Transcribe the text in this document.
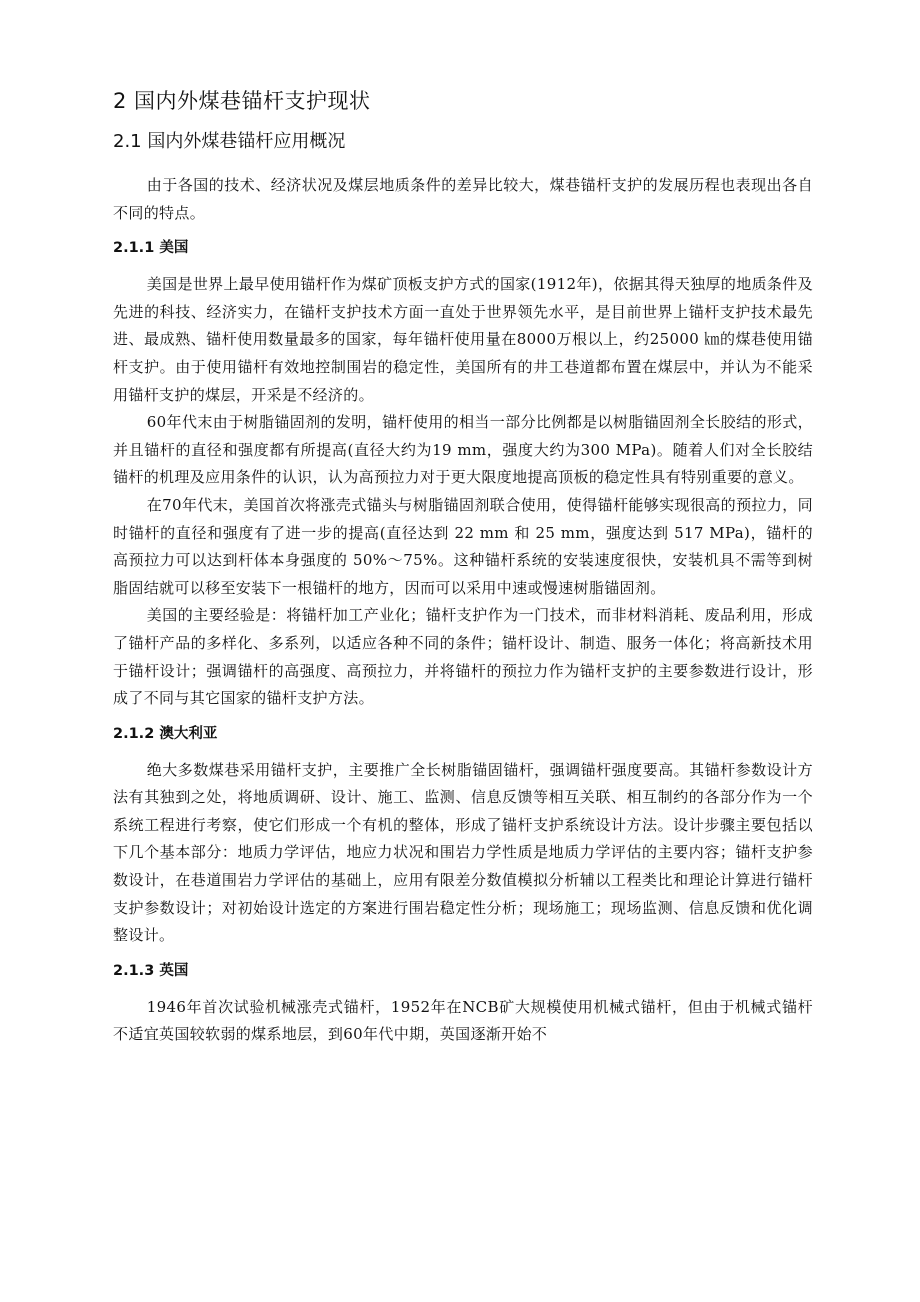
2 国内外煤巷锚杆支护现状
2.1 国内外煤巷锚杆应用概况

由于各国的技术、经济状况及煤层地质条件的差异比较大，煤巷锚杆支护的发展历程也表现出各自不同的特点。

2.1.1 美国

美国是世界上最早使用锚杆作为煤矿顶板支护方式的国家(1912年)，依据其得天独厚的地质条件及先进的科技、经济实力，在锚杆支护技术方面一直处于世界领先水平，是目前世界上锚杆支护技术最先进、最成熟、锚杆使用数量最多的国家，每年锚杆使用量在8000万根以上，约25000 ㎞的煤巷使用锚杆支护。由于使用锚杆有效地控制围岩的稳定性，美国所有的井工巷道都布置在煤层中，并认为不能采用锚杆支护的煤层，开采是不经济的。

60年代末由于树脂锚固剂的发明，锚杆使用的相当一部分比例都是以树脂锚固剂全长胶结的形式，并且锚杆的直径和强度都有所提高(直径大约为19 mm，强度大约为300 MPa)。随着人们对全长胶结锚杆的机理及应用条件的认识，认为高预拉力对于更大限度地提高顶板的稳定性具有特别重要的意义。

在70年代末，美国首次将涨壳式锚头与树脂锚固剂联合使用，使得锚杆能够实现很高的预拉力，同时锚杆的直径和强度有了进一步的提高(直径达到 22 mm 和 25 mm，强度达到 517 MPa)，锚杆的高预拉力可以达到杆体本身强度的 50%～75%。这种锚杆系统的安装速度很快，安装机具不需等到树脂固结就可以移至安装下一根锚杆的地方，因而可以采用中速或慢速树脂锚固剂。

美国的主要经验是：将锚杆加工产业化；锚杆支护作为一门技术，而非材料消耗、废品利用，形成了锚杆产品的多样化、多系列，以适应各种不同的条件；锚杆设计、制造、服务一体化；将高新技术用于锚杆设计；强调锚杆的高强度、高预拉力，并将锚杆的预拉力作为锚杆支护的主要参数进行设计，形成了不同与其它国家的锚杆支护方法。

2.1.2 澳大利亚

绝大多数煤巷采用锚杆支护，主要推广全长树脂锚固锚杆，强调锚杆强度要高。其锚杆参数设计方法有其独到之处，将地质调研、设计、施工、监测、信息反馈等相互关联、相互制约的各部分作为一个系统工程进行考察，使它们形成一个有机的整体，形成了锚杆支护系统设计方法。设计步骤主要包括以下几个基本部分：地质力学评估，地应力状况和围岩力学性质是地质力学评估的主要内容；锚杆支护参数设计，在巷道围岩力学评估的基础上，应用有限差分数值模拟分析辅以工程类比和理论计算进行锚杆支护参数设计；对初始设计选定的方案进行围岩稳定性分析；现场施工；现场监测、信息反馈和优化调整设计。

2.1.3 英国

1946年首次试验机械涨壳式锚杆，1952年在NCB矿大规模使用机械式锚杆，但由于机械式锚杆不适宜英国较软弱的煤系地层，到60年代中期，英国逐渐开始不
